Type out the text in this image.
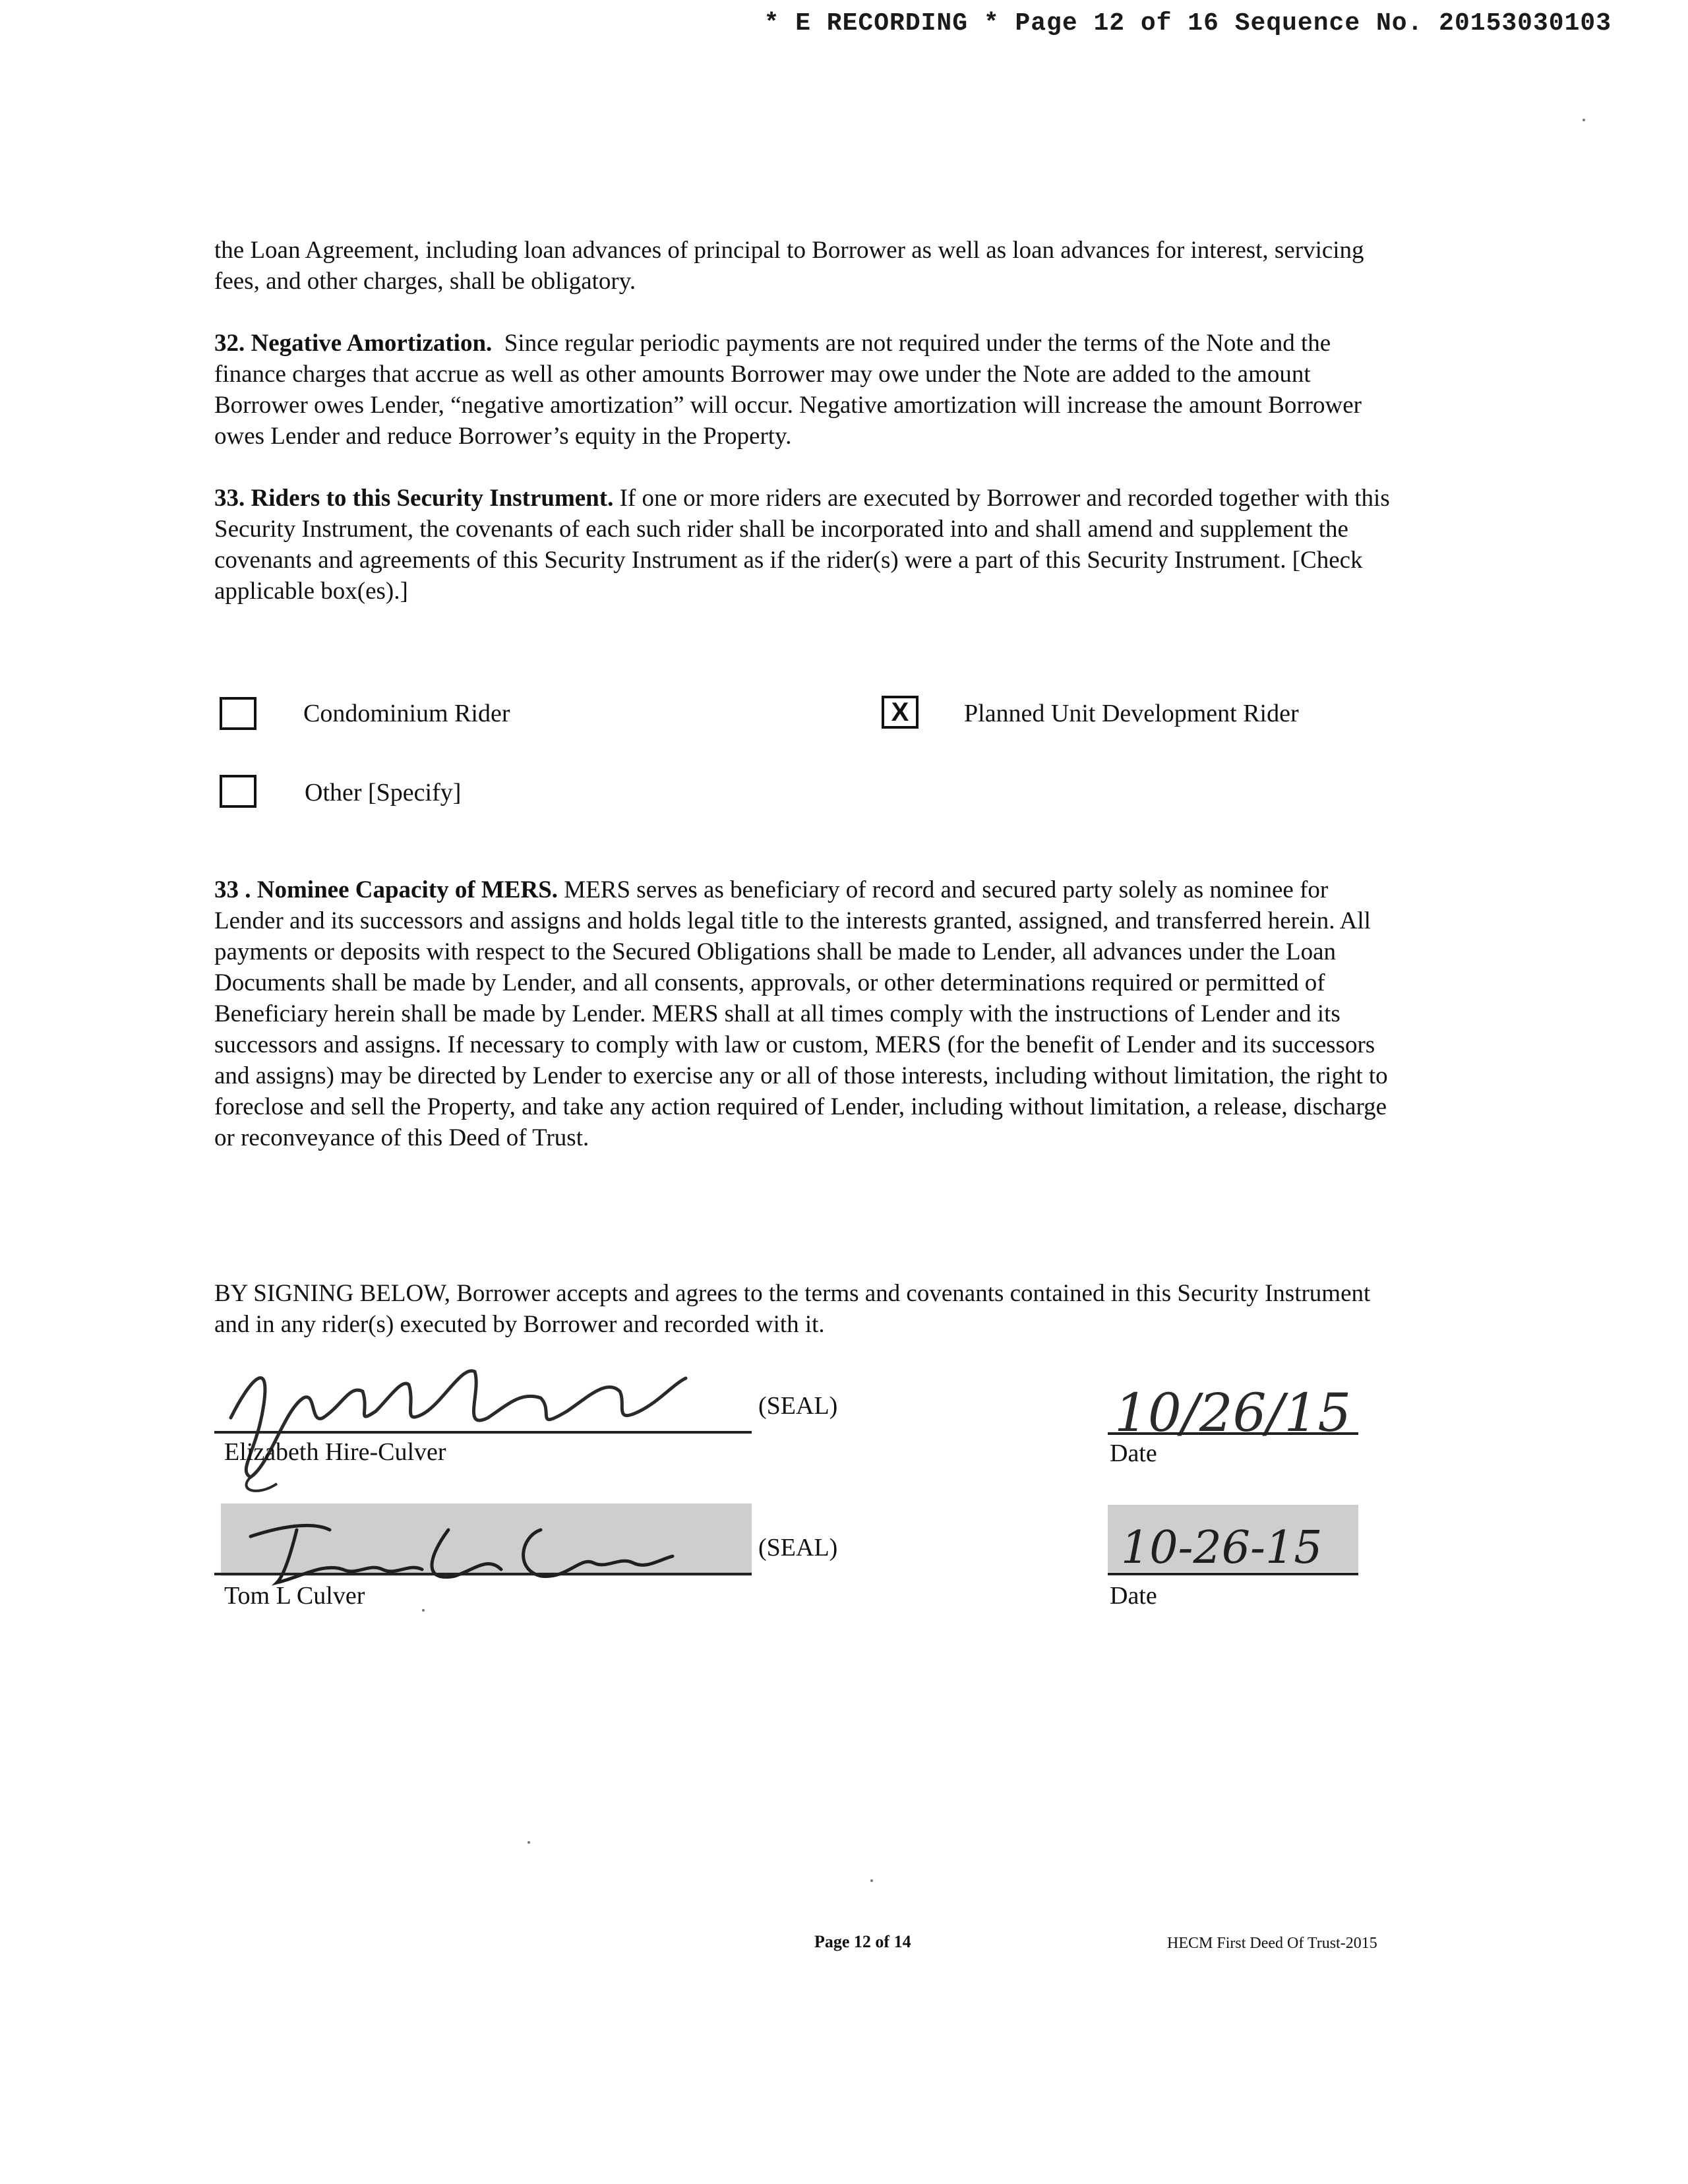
* E RECORDING * Page 12 of 16 Sequence No. 20153030103

the Loan Agreement, including loan advances of principal to Borrower as well as loan advances for interest, servicing fees, and other charges, shall be obligatory.

32. Negative Amortization. Since regular periodic payments are not required under the terms of the Note and the finance charges that accrue as well as other amounts Borrower may owe under the Note are added to the amount Borrower owes Lender, “negative amortization” will occur. Negative amortization will increase the amount Borrower owes Lender and reduce Borrower’s equity in the Property.

33. Riders to this Security Instrument. If one or more riders are executed by Borrower and recorded together with this Security Instrument, the covenants of each such rider shall be incorporated into and shall amend and supplement the covenants and agreements of this Security Instrument as if the rider(s) were a part of this Security Instrument. [Check applicable box(es).]

Condominium Rider	X	Planned Unit Development Rider
Other [Specify]

33 . Nominee Capacity of MERS. MERS serves as beneficiary of record and secured party solely as nominee for Lender and its successors and assigns and holds legal title to the interests granted, assigned, and transferred herein. All payments or deposits with respect to the Secured Obligations shall be made to Lender, all advances under the Loan Documents shall be made by Lender, and all consents, approvals, or other determinations required or permitted of Beneficiary herein shall be made by Lender. MERS shall at all times comply with the instructions of Lender and its successors and assigns. If necessary to comply with law or custom, MERS (for the benefit of Lender and its successors and assigns) may be directed by Lender to exercise any or all of those interests, including without limitation, the right to foreclose and sell the Property, and take any action required of Lender, including without limitation, a release, discharge or reconveyance of this Deed of Trust.

BY SIGNING BELOW, Borrower accepts and agrees to the terms and covenants contained in this Security Instrument and in any rider(s) executed by Borrower and recorded with it.

(SEAL)
Elizabeth Hire-Culver
10/26/15
Date
(SEAL)
Tom L Culver
10-26-15
Date
Page 12 of 14	HECM First Deed Of Trust-2015
